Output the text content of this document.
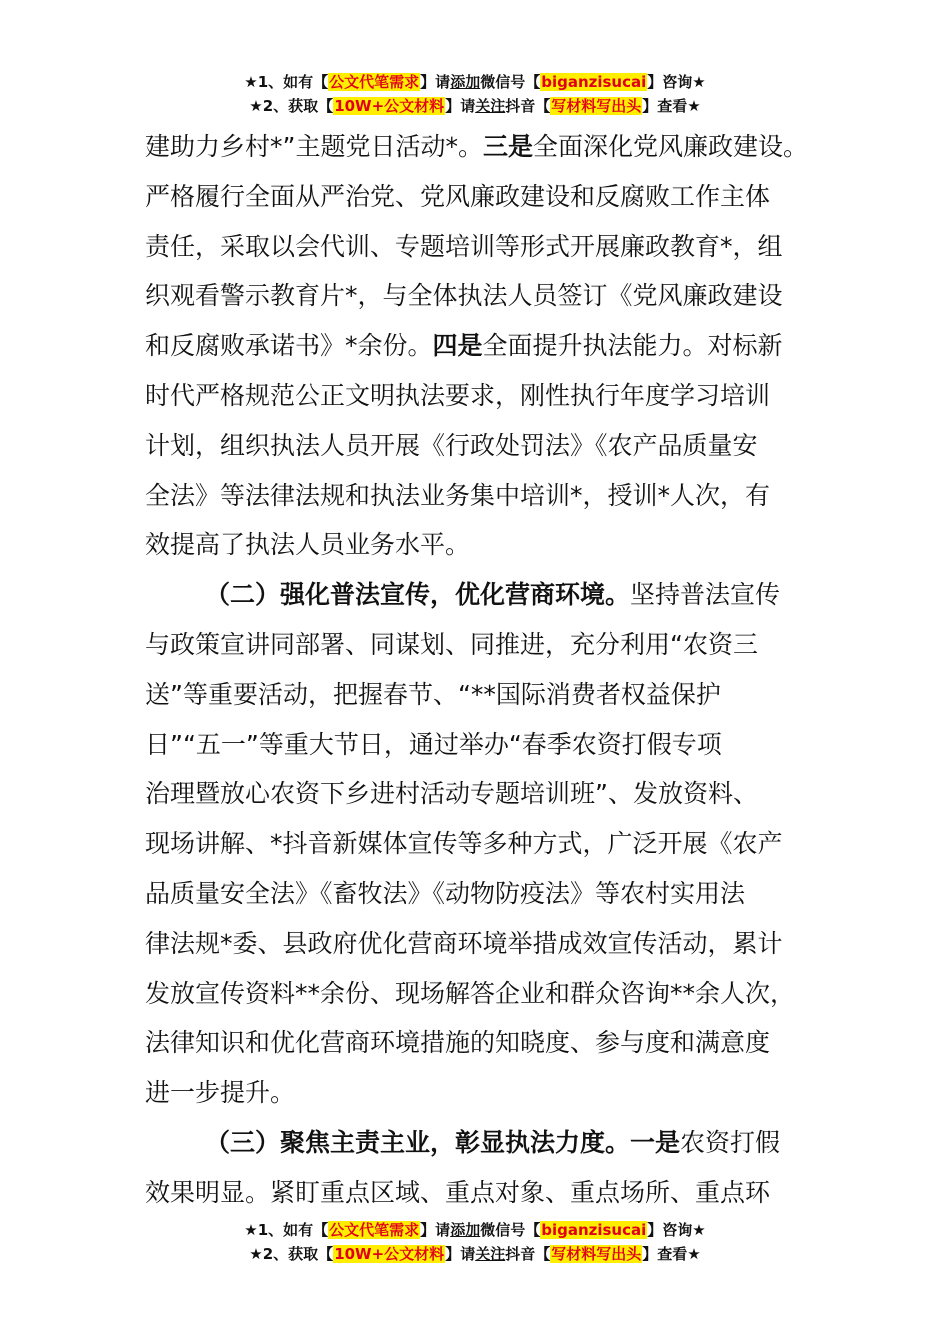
★1、如有【公文代笔需求】请添加微信号【biganzisucai】咨询★
★2、获取【10W+公文材料】请关注抖音【写材料写出头】查看★
建助力乡村*”主题党日活动*。三是全面深化党风廉政建设。
严格履行全面从严治党、党风廉政建设和反腐败工作主体
责任，采取以会代训、专题培训等形式开展廉政教育*，组
织观看警示教育片*，与全体执法人员签订《党风廉政建设
和反腐败承诺书》*余份。四是全面提升执法能力。对标新
时代严格规范公正文明执法要求，刚性执行年度学习培训
计划，组织执法人员开展《行政处罚法》《农产品质量安
全法》等法律法规和执法业务集中培训*，授训*人次，有
效提高了执法人员业务水平。
（二）强化普法宣传，优化营商环境。坚持普法宣传
与政策宣讲同部署、同谋划、同推进，充分利用“农资三
送”等重要活动，把握春节、“**国际消费者权益保护
日”“五一”等重大节日，通过举办“春季农资打假专项
治理暨放心农资下乡进村活动专题培训班”、发放资料、
现场讲解、*抖音新媒体宣传等多种方式，广泛开展《农产
品质量安全法》《畜牧法》《动物防疫法》等农村实用法
律法规*委、县政府优化营商环境举措成效宣传活动，累计
发放宣传资料**余份、现场解答企业和群众咨询**余人次，
法律知识和优化营商环境措施的知晓度、参与度和满意度
进一步提升。
（三）聚焦主责主业，彰显执法力度。一是农资打假
效果明显。紧盯重点区域、重点对象、重点场所、重点环
★1、如有【公文代笔需求】请添加微信号【biganzisucai】咨询★
★2、获取【10W+公文材料】请关注抖音【写材料写出头】查看★
